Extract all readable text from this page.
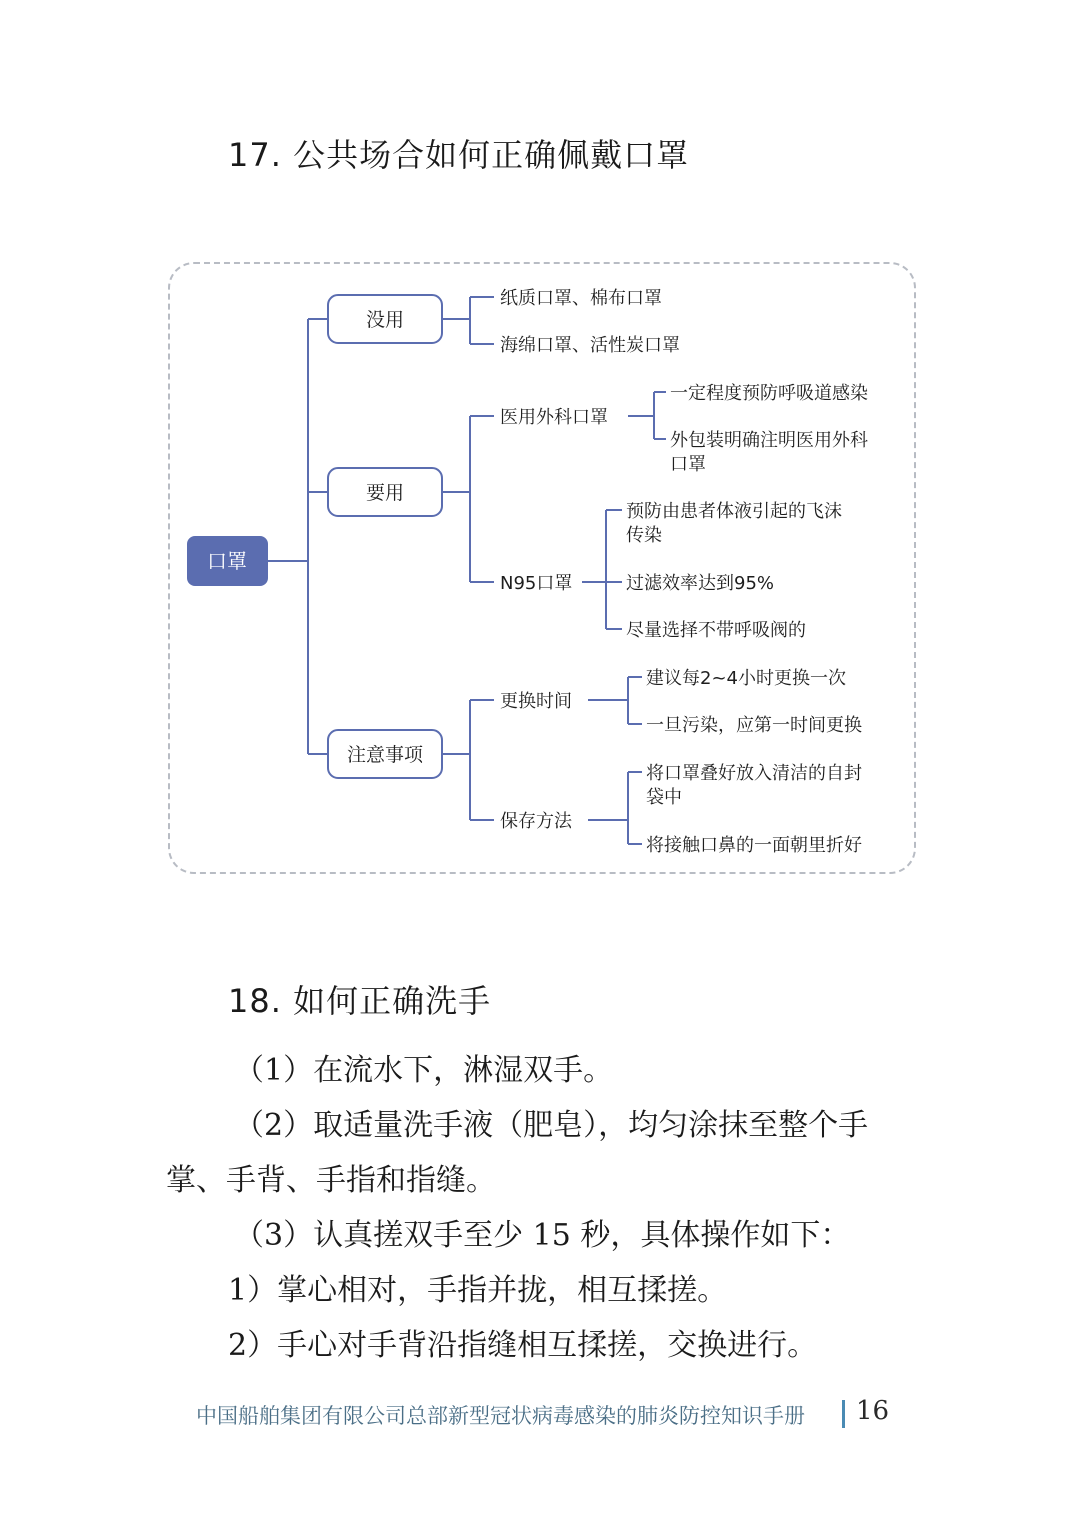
17. 公共场合如何正确佩戴口罩
口罩
没用
要用
注意事项
纸质口罩、棉布口罩
海绵口罩、活性炭口罩
医用外科口罩
N95口罩
一定程度预防呼吸道感染
外包装明确注明医用外科
口罩
预防由患者体液引起的飞沫
传染
过滤效率达到95%
尽量选择不带呼吸阀的
更换时间
保存方法
建议每2~4小时更换一次
一旦污染，应第一时间更换
将口罩叠好放入清洁的自封
袋中
将接触口鼻的一面朝里折好
18. 如何正确洗手
（1）在流水下，淋湿双手。
（2）取适量洗手液（肥皂），均匀涂抹至整个手
掌、手背、手指和指缝。
（3）认真搓双手至少 15 秒，具体操作如下：
1）掌心相对，手指并拢，相互揉搓。
2）手心对手背沿指缝相互揉搓，交换进行。
中国船舶集团有限公司总部新型冠状病毒感染的肺炎防控知识手册 16
